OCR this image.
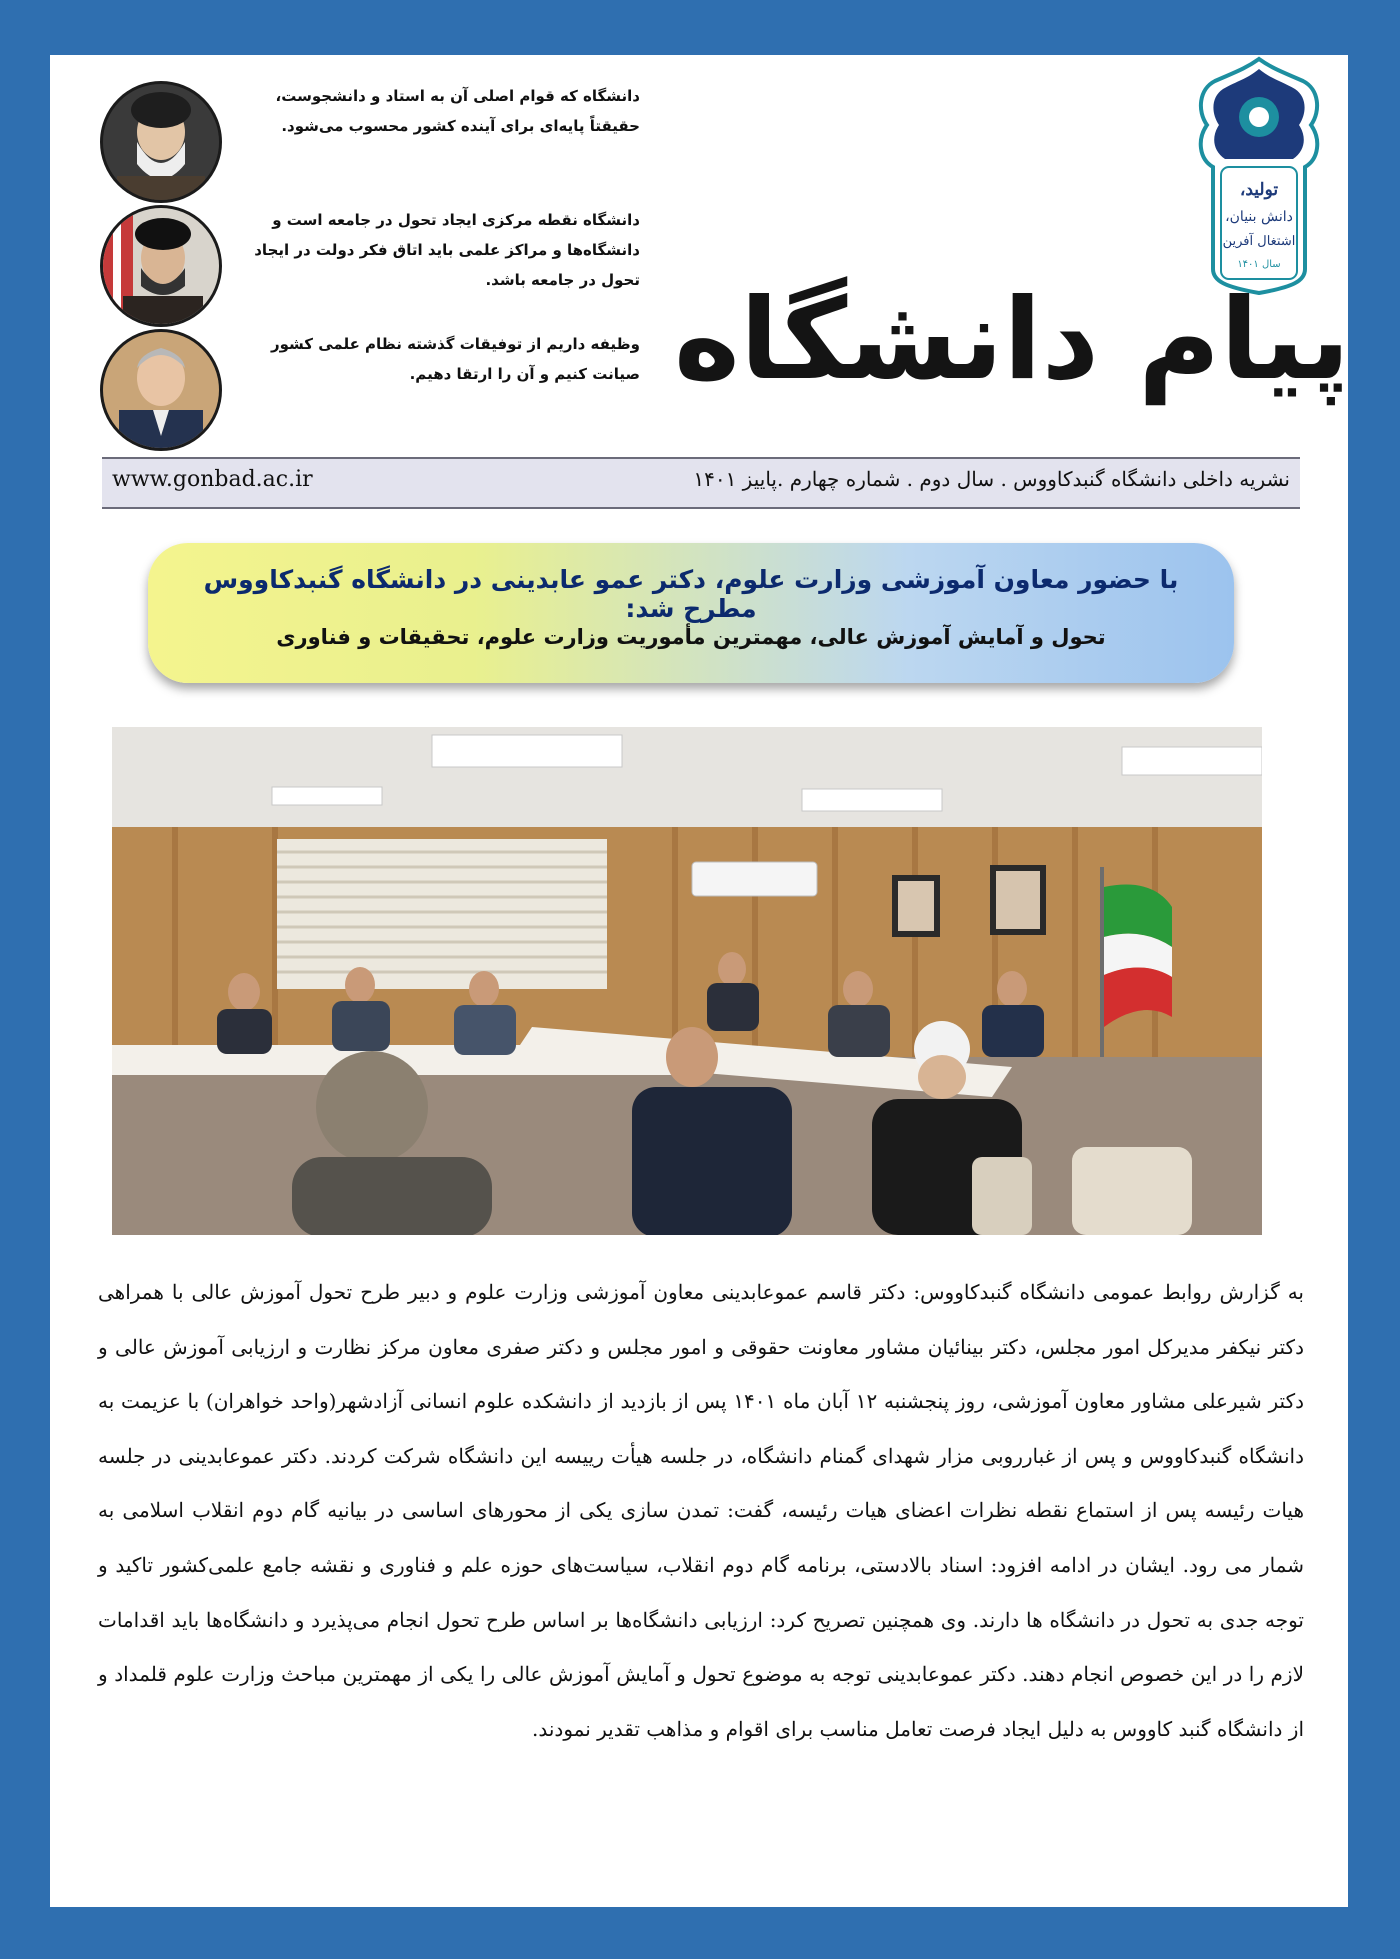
دانشگاه که قوام اصلی آن به استاد و دانشجوست، حقیقتاً پایه‌ای برای آینده کشور محسوب می‌شود.
دانشگاه نقطه مرکزی ایجاد تحول در جامعه است و دانشگاه‌ها و مراکز علمی باید اتاق فکر دولت در ایجاد تحول در جامعه باشد.
وظیفه داریم از توفیقات گذشته نظام علمی کشور صیانت کنیم و آن را ارتقا دهیم.
تولید،
دانش بنیان،
اشتغال آفرین
سال ۱۴۰۱
پیام دانشگاه
نشریه داخلی دانشگاه گنبدکاووس . سال دوم . شماره چهارم .پاییز ۱۴۰۱
www.gonbad.ac.ir
با حضور معاون آموزشی وزارت علوم، دکتر عمو عابدینی در دانشگاه گنبدکاووس مطرح شد:
تحول و آمایش آموزش عالی، مهمترین مأموریت وزارت علوم، تحقیقات و فناوری
به گزارش روابط عمومی دانشگاه گنبدکاووس: دکتر قاسم عموعابدینی معاون آموزشی وزارت علوم و دبیر طرح تحول آموزش عالی با همراهی دکتر نیکفر مدیرکل امور مجلس، دکتر بینائیان مشاور معاونت حقوقی و امور مجلس و دکتر صفری معاون مرکز نظارت و ارزیابی آموزش عالی و دکتر شیرعلی مشاور معاون آموزشی، روز پنجشنبه ۱۲ آبان ماه ۱۴۰۱ پس از بازدید از دانشکده علوم انسانی آزادشهر(واحد خواهران) با عزیمت به دانشگاه گنبدکاووس و پس از غبارروبی مزار شهدای گمنام دانشگاه، در جلسه هیأت رییسه این دانشگاه شرکت کردند. دکتر عموعابدینی در جلسه هیات رئیسه پس از استماع نقطه نظرات اعضای هیات رئیسه، گفت: تمدن سازی یکی از محورهای اساسی در بیانیه گام دوم انقلاب اسلامی به شمار می رود. ایشان در ادامه افزود: اسناد بالادستی، برنامه گام دوم انقلاب، سیاست‌های حوزه علم و فناوری و نقشه جامع علمی‌کشور تاکید و توجه جدی به تحول در دانشگاه ها دارند. وی همچنین تصریح کرد: ارزیابی دانشگاه‌ها بر اساس طرح تحول انجام می‌پذیرد و دانشگاه‌ها باید اقدامات لازم را در این خصوص انجام دهند. دکتر عموعابدینی توجه به موضوع تحول و آمایش آموزش عالی را یکی از مهمترین مباحث وزارت علوم قلمداد و از دانشگاه گنبد کاووس به دلیل ایجاد فرصت تعامل مناسب برای اقوام و مذاهب تقدیر نمودند.
